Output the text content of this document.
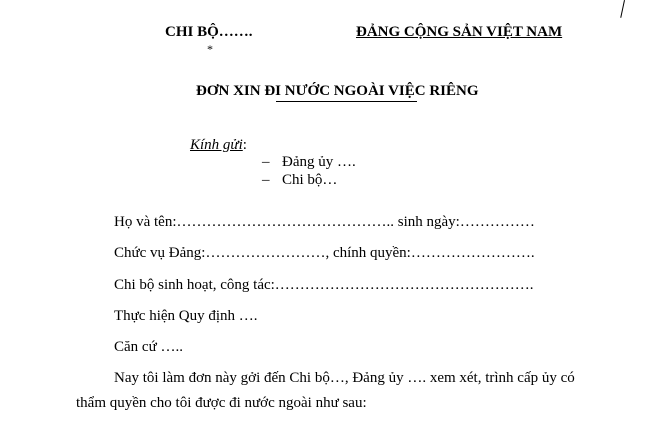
CHI BỘ…….
*
ĐẢNG CỘNG SẢN VIỆT NAM
ĐƠN XIN ĐI NƯỚC NGOÀI VIỆC RIÊNG
Kính gửi:
– Đảng ủy ….
– Chi bộ…
Họ và tên:…………………………………….. sinh ngày:……………
Chức vụ Đảng:……………………, chính quyền:…………………….
Chi bộ sinh hoạt, công tác:…………………………………………….
Thực hiện Quy định ….
Căn cứ …..
Nay tôi làm đơn này gởi đến Chi bộ…, Đảng ủy …. xem xét, trình cấp ủy có
thẩm quyền cho tôi được đi nước ngoài như sau:
